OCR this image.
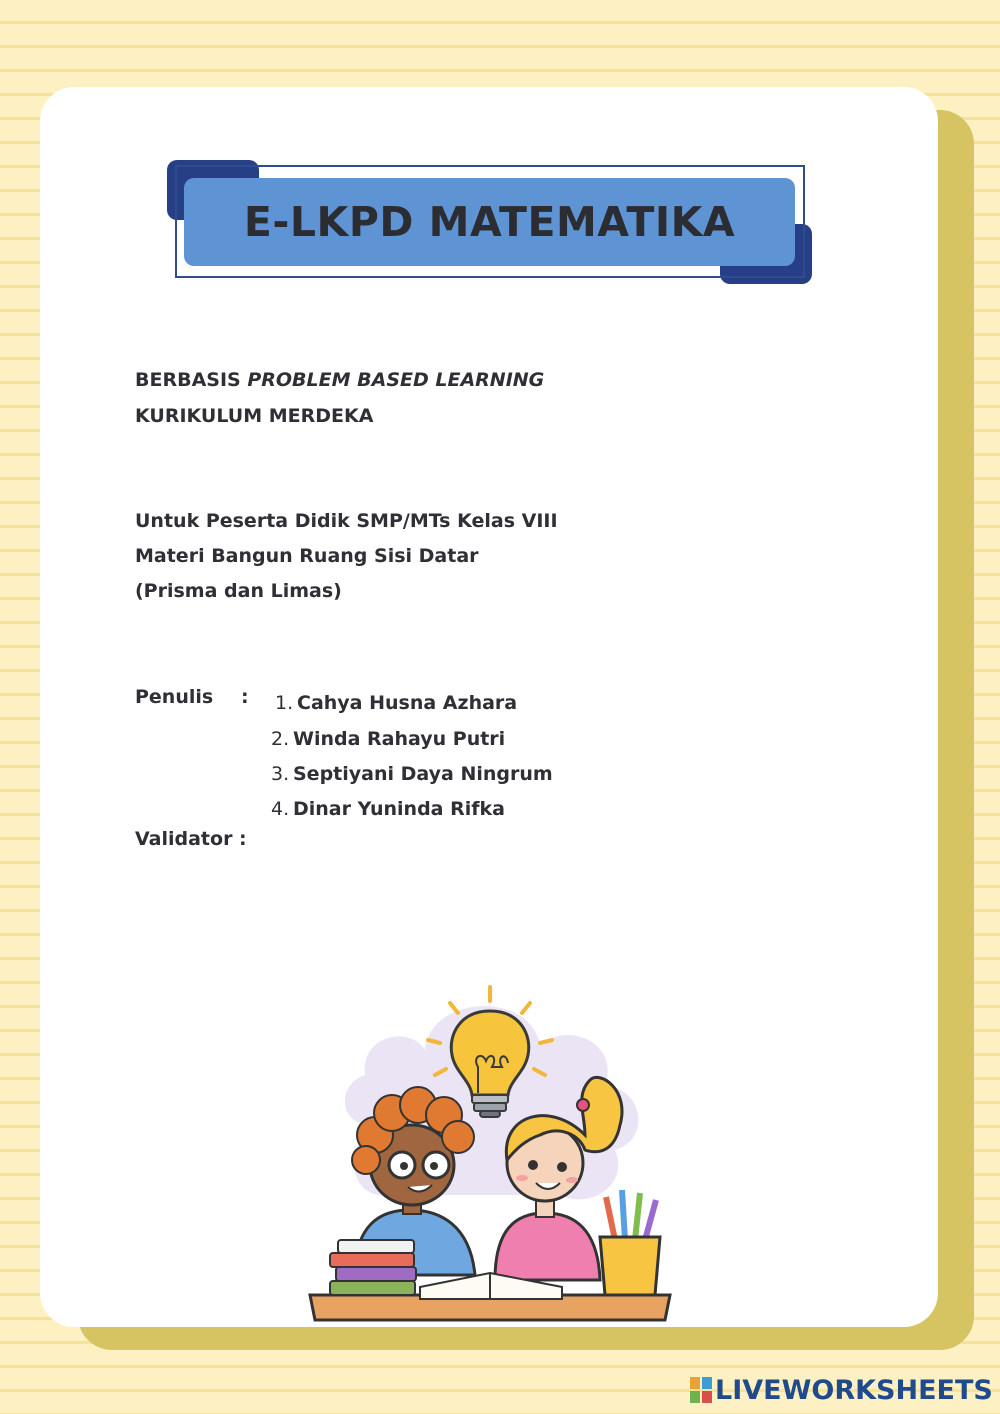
E-LKPD MATEMATIKA
BERBASIS PROBLEM BASED LEARNING
KURIKULUM MERDEKA
Untuk Peserta Didik SMP/MTs Kelas VIII
Materi Bangun Ruang Sisi Datar
(Prisma dan Limas)
Penulis : 1. Cahya Husna Azhara
2. Winda Rahayu Putri
3. Septiyani Daya Ningrum
4. Dinar Yuninda Rifka
Validator :
LIVEWORKSHEETS
